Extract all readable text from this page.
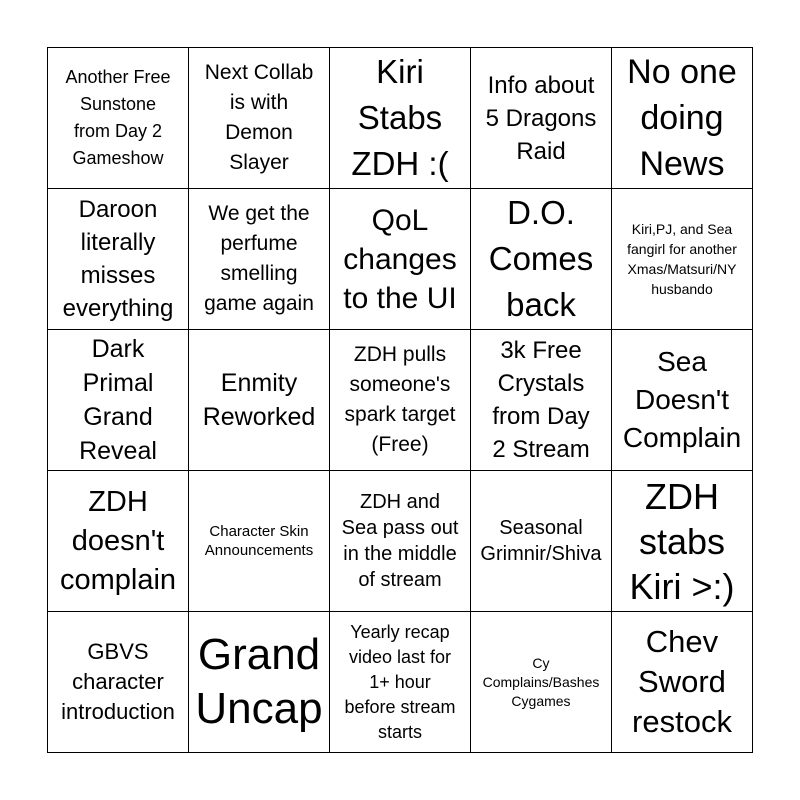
Another Free
Sunstone
from Day 2
Gameshow
Next Collab
is with
Demon
Slayer
Kiri
Stabs
ZDH :(
Info about
5 Dragons
Raid
No one
doing
News
Daroon
literally
misses
everything
We get the
perfume
smelling
game again
QoL
changes
to the UI
D.O.
Comes
back
Kiri,PJ, and Sea
fangirl for another
Xmas/Matsuri/NY
husbando
Dark
Primal
Grand
Reveal
Enmity
Reworked
ZDH pulls
someone's
spark target
(Free)
3k Free
Crystals
from Day
2 Stream
Sea
Doesn't
Complain
ZDH
doesn't
complain
Character Skin
Announcements
ZDH and
Sea pass out
in the middle
of stream
Seasonal
Grimnir/Shiva
ZDH
stabs
Kiri >:)
GBVS
character
introduction
Grand
Uncap
Yearly recap
video last for
1+ hour
before stream
starts
Cy
Complains/Bashes
Cygames
Chev
Sword
restock
